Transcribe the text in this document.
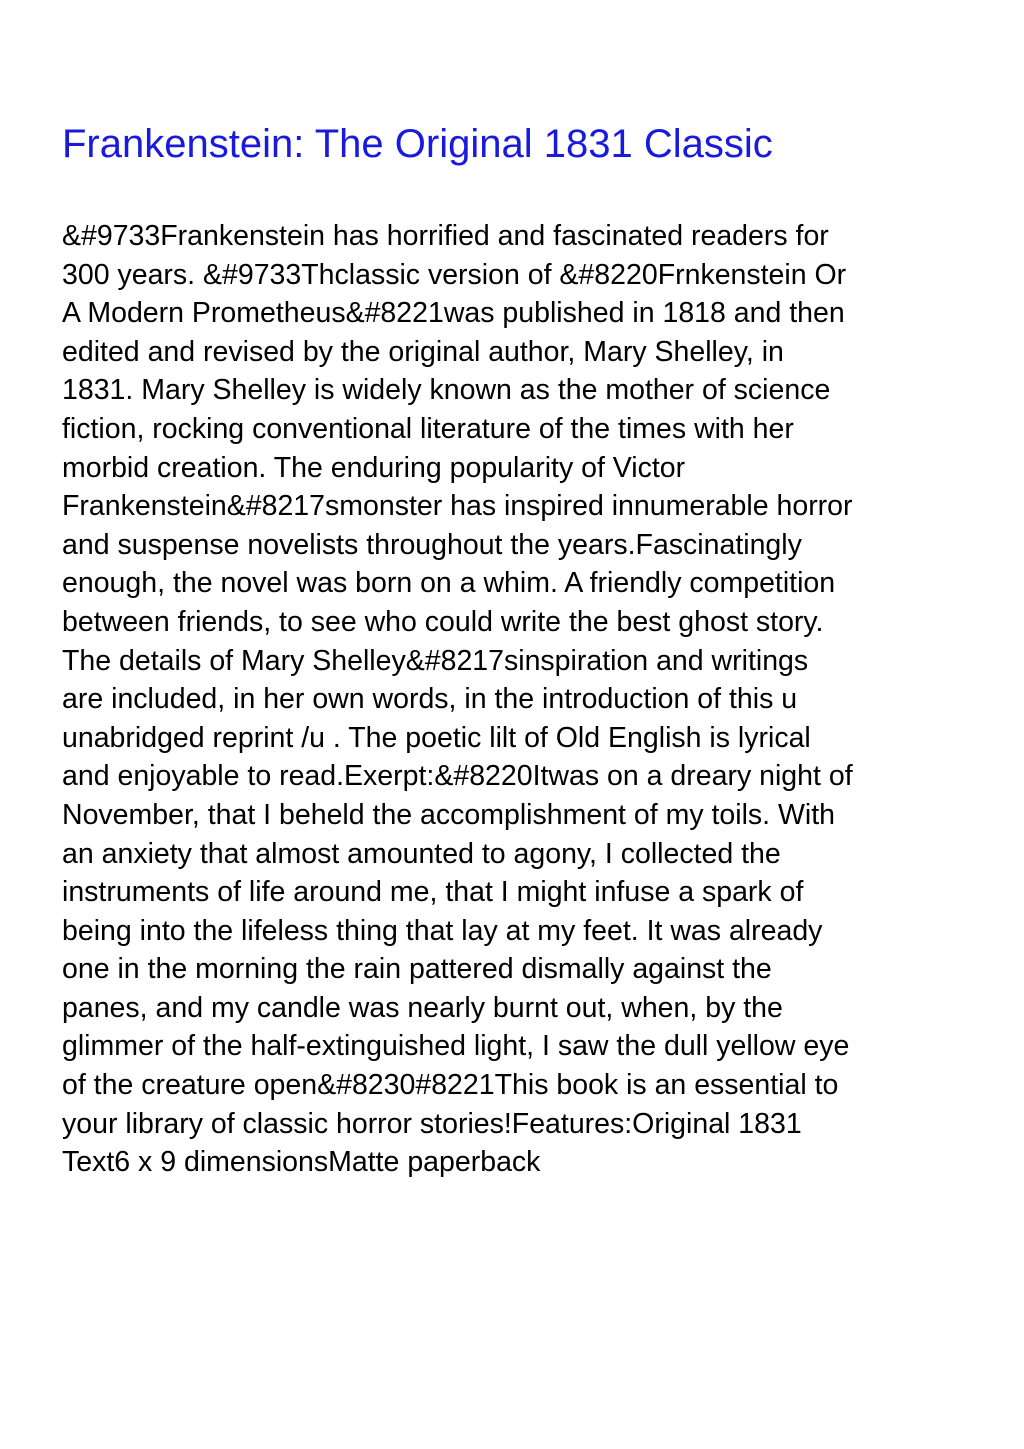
Frankenstein: The Original 1831 Classic
&#9733Frankenstein has horrified and fascinated readers for
300 years. &#9733Thclassic version of &#8220Frnkenstein Or
A Modern Prometheus&#8221was published in 1818 and then
edited and revised by the original author, Mary Shelley, in
1831. Mary Shelley is widely known as the mother of science
fiction, rocking conventional literature of the times with her
morbid creation. The enduring popularity of Victor
Frankenstein&#8217smonster has inspired innumerable horror
and suspense novelists throughout the years.Fascinatingly
enough, the novel was born on a whim. A friendly competition
between friends, to see who could write the best ghost story.
The details of Mary Shelley&#8217sinspiration and writings
are included, in her own words, in the introduction of this u
unabridged reprint /u . The poetic lilt of Old English is lyrical
and enjoyable to read.Exerpt:&#8220Itwas on a dreary night of
November, that I beheld the accomplishment of my toils. With
an anxiety that almost amounted to agony, I collected the
instruments of life around me, that I might infuse a spark of
being into the lifeless thing that lay at my feet. It was already
one in the morning the rain pattered dismally against the
panes, and my candle was nearly burnt out, when, by the
glimmer of the half-extinguished light, I saw the dull yellow eye
of the creature open&#8230#8221This book is an essential to
your library of classic horror stories!Features:Original 1831
Text6 x 9 dimensionsMatte paperback
